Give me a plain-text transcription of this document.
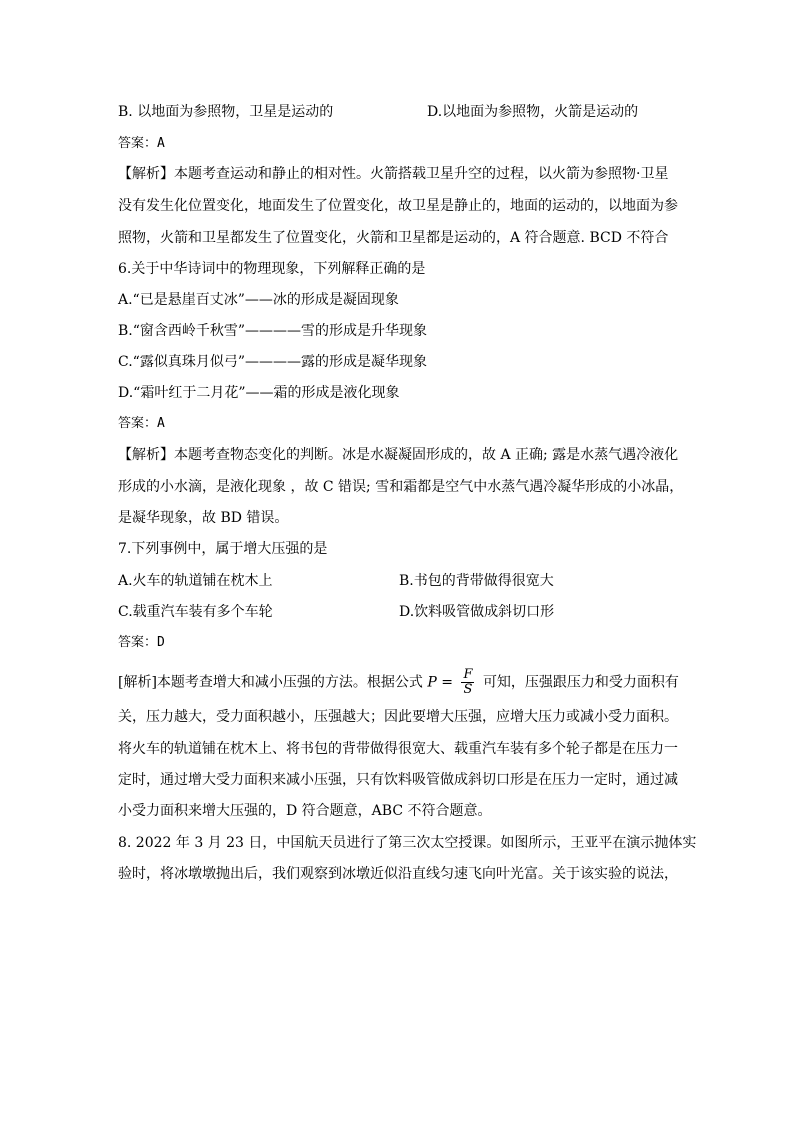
B. 以地面为参照物，卫星是运动的	D.以地面为参照物，火箭是运动的
答案：A
【解析】本题考查运动和静止的相对性。火箭搭载卫星升空的过程，以火箭为参照物·卫星
没有发生化位置变化，地面发生了位置变化，故卫星是静止的，地面的运动的，以地面为参
照物，火箭和卫星都发生了位置变化，火箭和卫星都是运动的，A 符合题意. BCD 不符合
6.关于中华诗词中的物理现象，下列解释正确的是
A.“已是悬崖百丈冰”——冰的形成是凝固现象
B.“窗含西岭千秋雪”————雪的形成是升华现象
C.“露似真珠月似弓”————露的形成是凝华现象
D.“霜叶红于二月花”——霜的形成是液化现象
答案：A
【解析】本题考查物态变化的判断。冰是水凝凝固形成的，故 A 正确; 露是水蒸气遇冷液化
形成的小水滴，是液化现象 ，故 C 错误; 雪和霜都是空气中水蒸气遇冷凝华形成的小冰晶，
是凝华现象，故 BD 错误。
7.下列事例中，属于增大压强的是
A.火车的轨道铺在枕木上	B.书包的背带做得很宽大
C.载重汽车装有多个车轮	D.饮料吸管做成斜切口形
答案：D
[解析]本题考查增大和减小压强的方法。根据公式 $P = \frac{F}{S}$ 可知，压强跟压力和受力面积有
关，压力越大，受力面积越小，压强越大；因此要增大压强，应增大压力或减小受力面积。
将火车的轨道铺在枕木上、将书包的背带做得很宽大、载重汽车装有多个轮子都是在压力一
定时，通过增大受力面积来减小压强，只有饮料吸管做成斜切口形是在压力一定时，通过减
小受力面积来增大压强的，D 符合题意，ABC 不符合题意。
8. 2022 年 3 月 23 日，中国航天员进行了第三次太空授课。如图所示，王亚平在演示抛体实
验时，将冰墩墩抛出后，我们观察到冰墩近似沿直线匀速飞向叶光富。关于该实验的说法，
